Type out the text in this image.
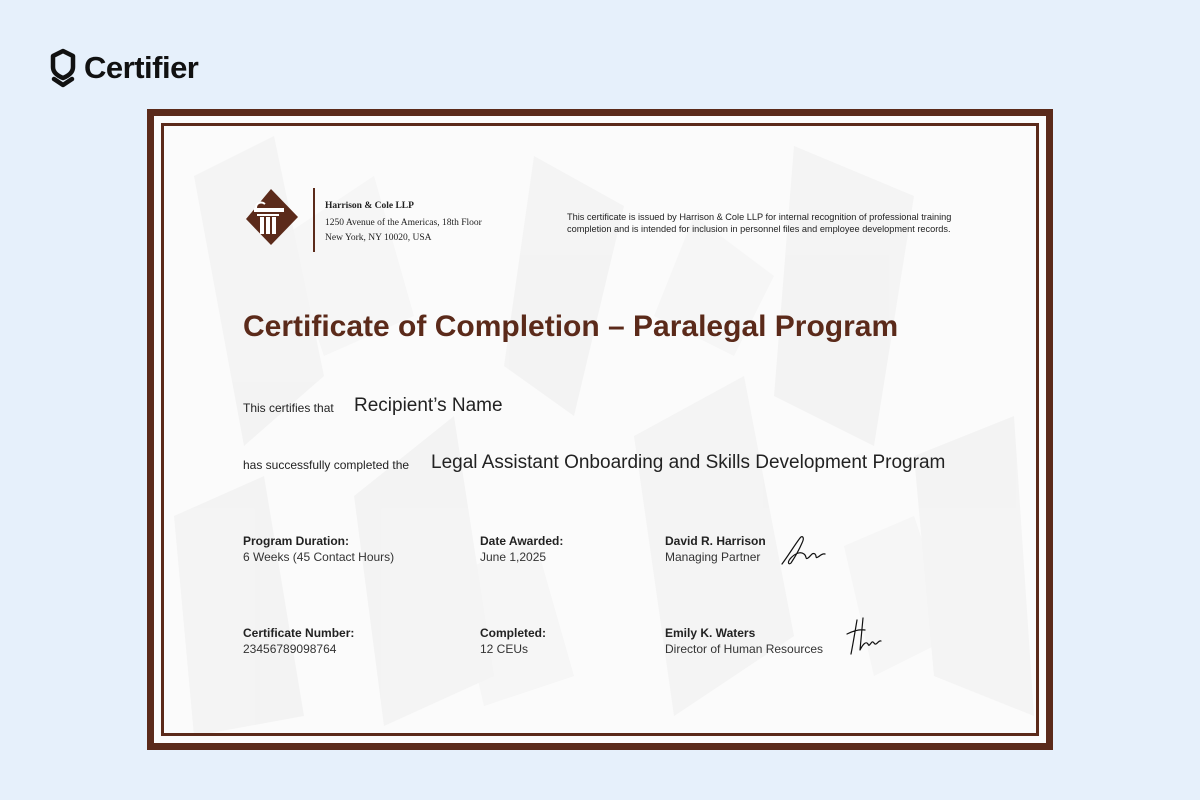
Certifier
Harrison & Cole LLP
1250 Avenue of the Americas, 18th Floor
New York, NY 10020, USA
This certificate is issued by Harrison & Cole LLP for internal recognition of professional training completion and is intended for inclusion in personnel files and employee development records.
Certificate of Completion – Paralegal Program
This certifies that Recipient’s Name
has successfully completed the Legal Assistant Onboarding and Skills Development Program
Program Duration:
6 Weeks (45 Contact Hours)
Date Awarded:
June 1,2025
David R. Harrison
Managing Partner
Certificate Number:
23456789098764
Completed:
12 CEUs
Emily K. Waters
Director of Human Resources
